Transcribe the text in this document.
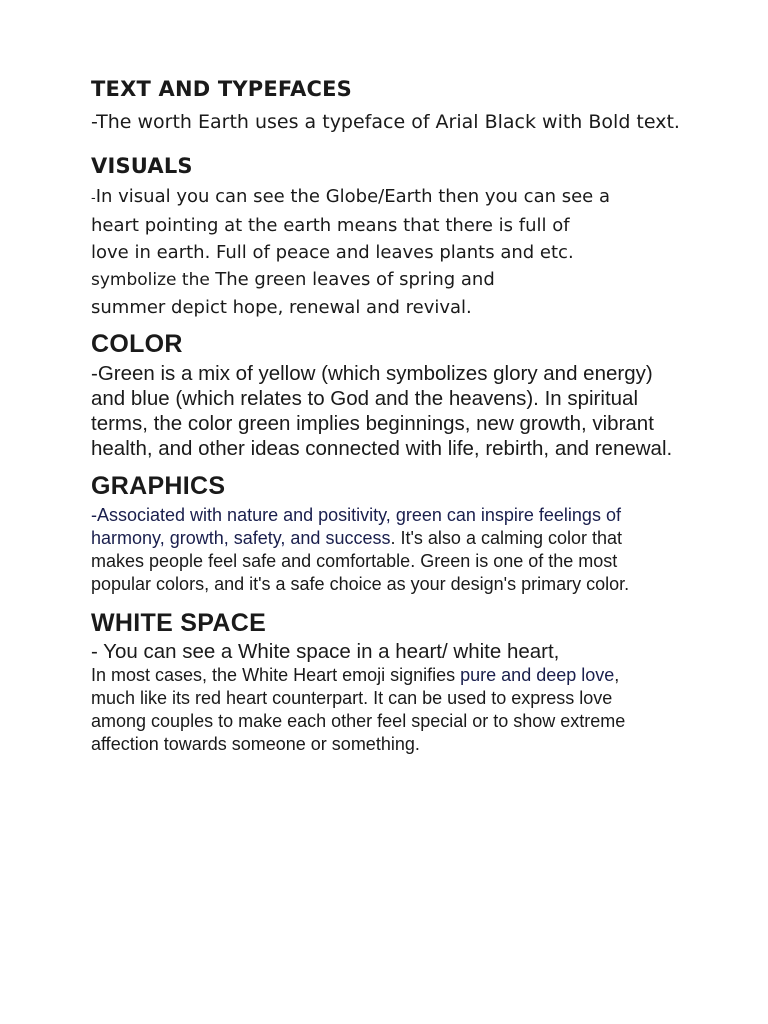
TEXT AND TYPEFACES

-The worth Earth uses a typeface of Arial Black with Bold text.

VISUALS

-In visual you can see the Globe/Earth then you can see a

heart pointing at the earth means that there is full of

love in earth. Full of peace and leaves plants and etc.

symbolize the The green leaves of spring and

summer depict hope, renewal and revival.

COLOR

-Green is a mix of yellow (which symbolizes glory and energy) and blue (which relates to God and the heavens). In spiritual terms, the color green implies beginnings, new growth, vibrant health, and other ideas connected with life, rebirth, and renewal.

GRAPHICS

-Associated with nature and positivity, green can inspire feelings of harmony, growth, safety, and success. It's also a calming color that makes people feel safe and comfortable. Green is one of the most popular colors, and it's a safe choice as your design's primary color.

WHITE SPACE

- You can see a White space in a heart/ white heart,

In most cases, the White Heart emoji signifies pure and deep love, much like its red heart counterpart. It can be used to express love among couples to make each other feel special or to show extreme affection towards someone or something.
